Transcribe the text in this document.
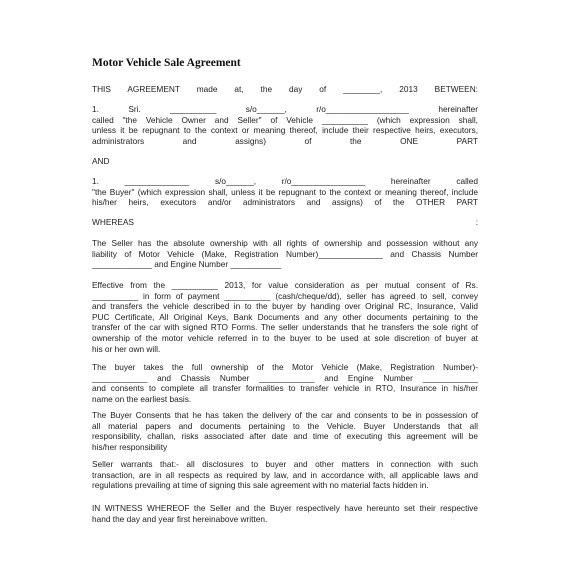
Motor Vehicle Sale Agreement
THIS AGREEMENT made at, the day of ________, 2013 BETWEEN:
1. Sri. __________ s/o______, r/o__________________ hereinafter
called "the Vehicle Owner and Seller" of Vehicle __________ (which expression shall,
unless it be repugnant to the context or meaning thereof, include their respective heirs, executors,
administrators and assigns) of the ONE PART
AND
1. ______________ s/o______, r/o________________ hereinafter called
"the Buyer" (which expression shall, unless it be repugnant to the context or meaning thereof, include
his/her heirs, executors and/or administrators and assigns) of the OTHER PART
WHEREAS	:
The Seller has the absolute ownership with all rights of ownership and possession without any
liability of Motor Vehicle (Make, Registration Number)______________ and Chassis Number
_____________ and Engine Number ___________
Effective from the __________ 2013, for value consideration as per mutual consent of Rs.
__________ in form of payment __________ (cash/cheque/dd), seller has agreed to sell, convey
and transfers the vehicle described in to the buyer by handing over Original RC, Insurance, Valid
PUC Certificate, All Original Keys, Bank Documents and any other documents pertaining to the
transfer of the car with signed RTO Forms. The seller understands that he transfers the sole right of
ownership of the motor vehicle referred in to the buyer to be used at sole discretion of buyer at
his or her own will.
The buyer takes the full ownership of the Motor Vehicle (Make, Registration Number)-
____________ and Chassis Number ____________ and Engine Number ____________
and consents to complete all transfer formalities to transfer vehicle in RTO, Insurance in his/her
name on the earliest basis.
The Buyer Consents that he has taken the delivery of the car and consents to be in possession of
all material papers and documents pertaining to the Vehicle. Buyer Understands that all
responsibility, challan, risks associated after date and time of executing this agreement will be
his/her responsibility
Seller warrants that:- all disclosures to buyer and other matters in connection with such
transaction, are in all respects as required by law, and in accordance with, all applicable laws and
regulations prevailing at time of signing this sale agreement with no material facts hidden in.
IN WITNESS WHEREOF the Seller and the Buyer respectively have hereunto set their respective
hand the day and year first hereinabove written.
